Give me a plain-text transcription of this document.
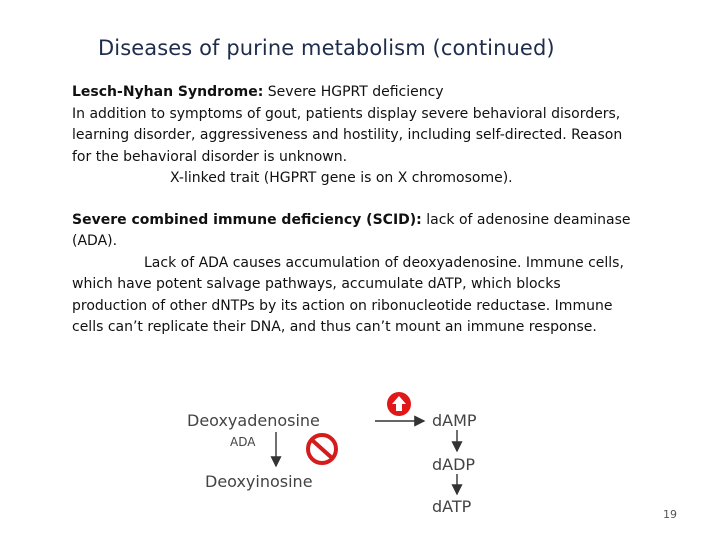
Diseases of purine metabolism (continued)

Lesch-Nyhan Syndrome: Severe HGPRT deficiency

In addition to symptoms of gout, patients display severe behavioral disorders,

learning disorder, aggressiveness and hostility, including self-directed. Reason

for the behavioral disorder is unknown.

X-linked trait (HGPRT gene is on X chromosome).

Severe combined immune deficiency (SCID): lack of adenosine deaminase

(ADA).

Lack of ADA causes accumulation of deoxyadenosine. Immune cells,

which have potent salvage pathways, accumulate dATP, which blocks

production of other dNTPs by its action on ribonucleotide reductase. Immune

cells can’t replicate their DNA, and thus can’t mount an immune response.

Deoxyadenosine
ADA
Deoxyinosine
dAMP
dADP
dATP	19
